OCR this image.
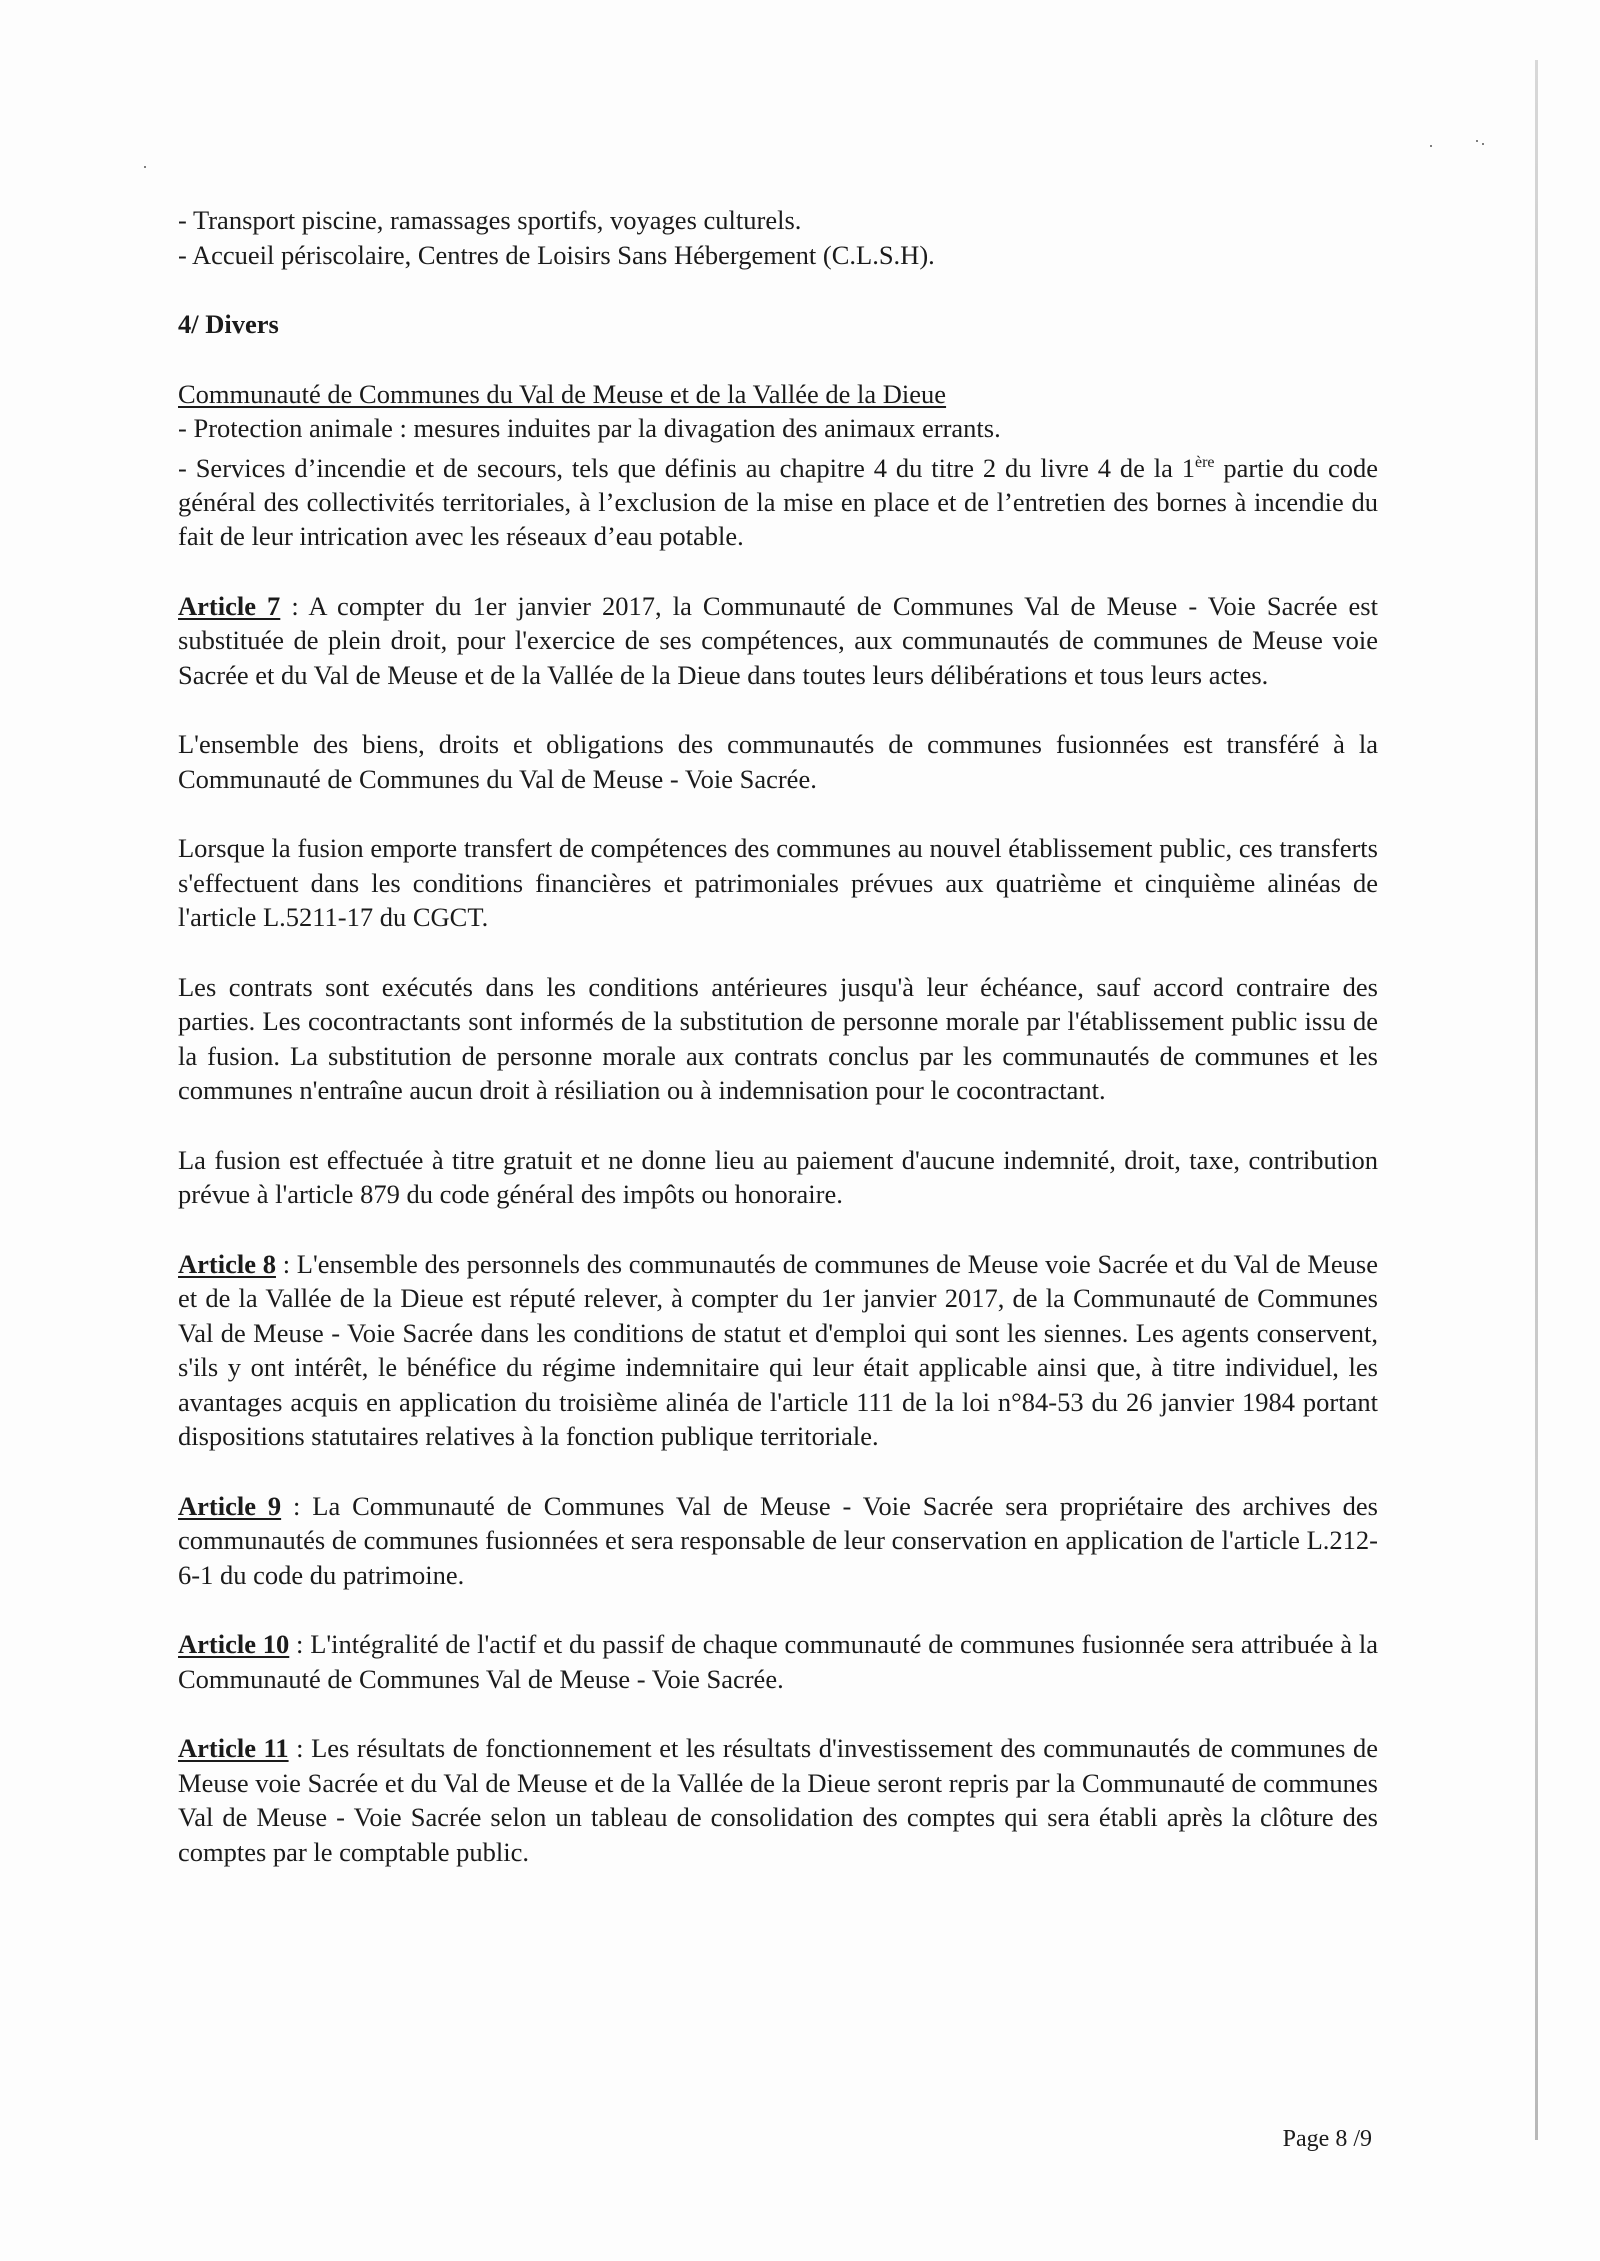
- Transport piscine, ramassages sportifs, voyages culturels.

- Accueil périscolaire, Centres de Loisirs Sans Hébergement (C.L.S.H).

4/ Divers

Communauté de Communes du Val de Meuse et de la Vallée de la Dieue

- Protection animale : mesures induites par la divagation des animaux errants.

- Services d’incendie et de secours, tels que définis au chapitre 4 du titre 2 du livre 4 de la 1ère partie du code général des collectivités territoriales, à l’exclusion de la mise en place et de l’entretien des bornes à incendie du fait de leur intrication avec les réseaux d’eau potable.

Article 7 : A compter du 1er janvier 2017, la Communauté de Communes Val de Meuse - Voie Sacrée est substituée de plein droit, pour l'exercice de ses compétences, aux communautés de communes de Meuse voie Sacrée et du Val de Meuse et de la Vallée de la Dieue dans toutes leurs délibérations et tous leurs actes.

L'ensemble des biens, droits et obligations des communautés de communes fusionnées est transféré à la Communauté de Communes du Val de Meuse - Voie Sacrée.

Lorsque la fusion emporte transfert de compétences des communes au nouvel établissement public, ces transferts s'effectuent dans les conditions financières et patrimoniales prévues aux quatrième et cinquième alinéas de l'article L.5211-17 du CGCT.

Les contrats sont exécutés dans les conditions antérieures jusqu'à leur échéance, sauf accord contraire des parties. Les cocontractants sont informés de la substitution de personne morale par l'établissement public issu de la fusion. La substitution de personne morale aux contrats conclus par les communautés de communes et les communes n'entraîne aucun droit à résiliation ou à indemnisation pour le cocontractant.

La fusion est effectuée à titre gratuit et ne donne lieu au paiement d'aucune indemnité, droit, taxe, contribution prévue à l'article 879 du code général des impôts ou honoraire.

Article 8 : L'ensemble des personnels des communautés de communes de Meuse voie Sacrée et du Val de Meuse et de la Vallée de la Dieue est réputé relever, à compter du 1er janvier 2017, de la Communauté de Communes Val de Meuse - Voie Sacrée dans les conditions de statut et d'emploi qui sont les siennes. Les agents conservent, s'ils y ont intérêt, le bénéfice du régime indemnitaire qui leur était applicable ainsi que, à titre individuel, les avantages acquis en application du troisième alinéa de l'article 111 de la loi n°84-53 du 26 janvier 1984 portant dispositions statutaires relatives à la fonction publique territoriale.

Article 9 : La Communauté de Communes Val de Meuse - Voie Sacrée sera propriétaire des archives des communautés de communes fusionnées et sera responsable de leur conservation en application de l'article L.212-6-1 du code du patrimoine.

Article 10 : L'intégralité de l'actif et du passif de chaque communauté de communes fusionnée sera attribuée à la Communauté de Communes Val de Meuse - Voie Sacrée.

Article 11 : Les résultats de fonctionnement et les résultats d'investissement des communautés de communes de Meuse voie Sacrée et du Val de Meuse et de la Vallée de la Dieue seront repris par la Communauté de communes Val de Meuse - Voie Sacrée selon un tableau de consolidation des comptes qui sera établi après la clôture des comptes par le comptable public.

Page 8 /9
